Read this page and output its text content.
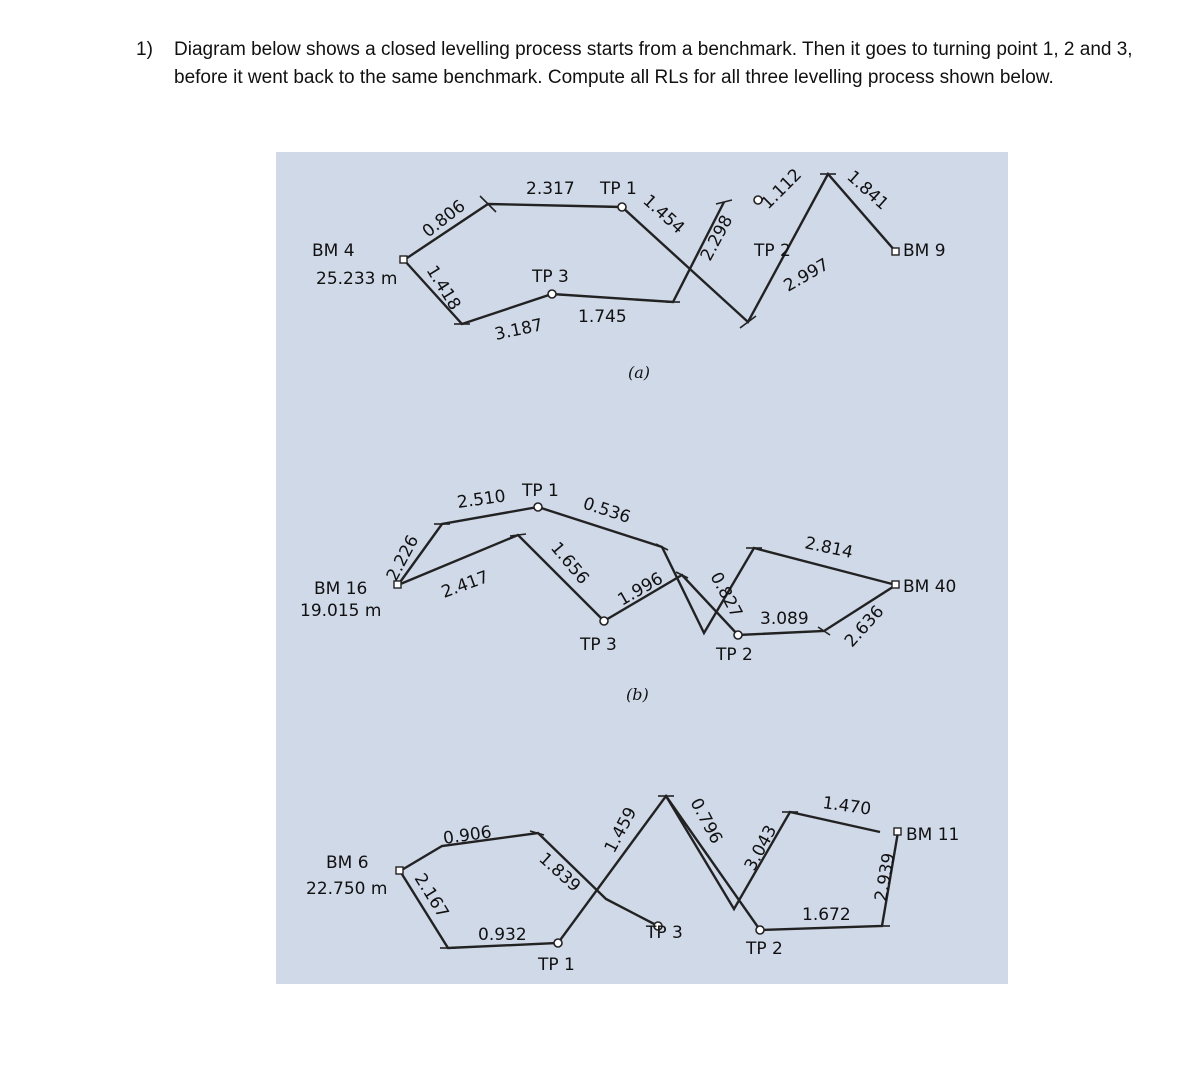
1)	Diagram below shows a closed levelling process starts from a benchmark. Then it goes to turning point 1, 2 and 3, before it went back to the same benchmark. Compute all RLs for all three levelling process shown below.
BM 4
25.233 m
BM 9
TP 1
TP 2
TP 3
0.806
2.317
1.454 2.298
1.112 1.841
2.997
1.745
3.187
1.418
(a)
BM 16
19.015 m
BM 40
TP 1
TP 2
TP 3
2.226
2.510	0.536
2.814
2.636
3.089
0.827
1.996
1.656
2.417
(b)
BM 6
22.750 m
BM 11
TP 1
TP 2
TP 3
0.906
1.839
1.459	0.796
3.043
1.470
2.939
1.672
0.932
2.167
